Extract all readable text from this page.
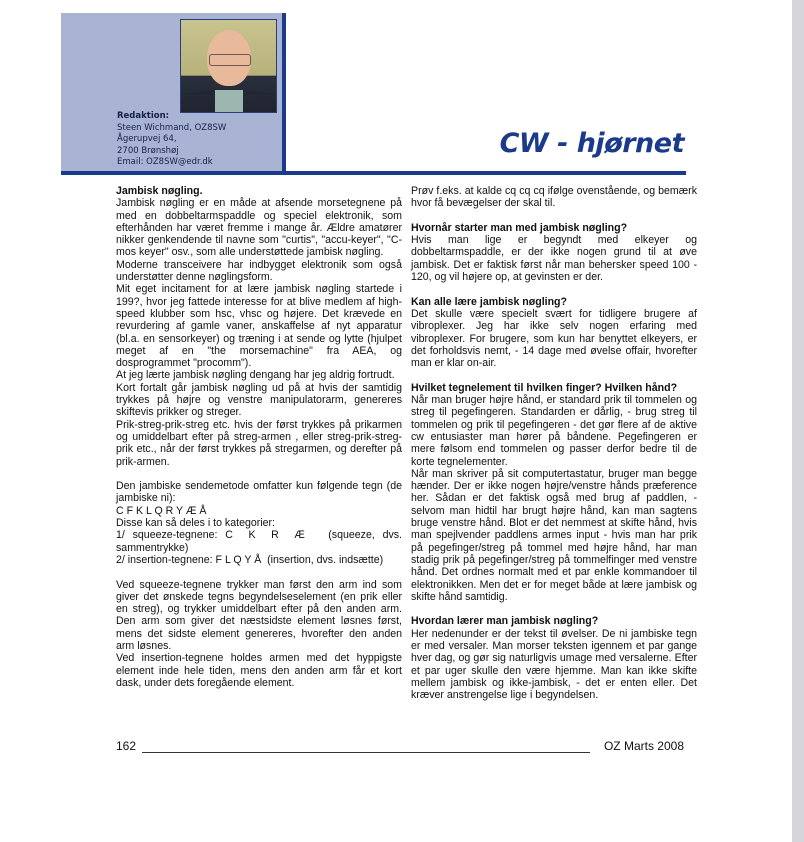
Redaktion:
Steen Wichmand, OZ8SW
Ågerupvej 64,
2700 Brønshøj
Email: OZ8SW@edr.dk
CW - hjørnet

Jambisk nøgling.

Jambisk nøgling er en måde at afsende morsetegnene på med en dobbeltarmspaddle og speciel elektronik, som efterhånden har været fremme i mange år. Ældre amatører nikker genkendende til navne som "curtis", "accu-keyer", "C-mos keyer" osv., som alle understøttede jambisk nøgling.

Moderne transceivere har indbygget elektronik som også understøtter denne nøglingsform.

Mit eget incitament for at lære jambisk nøgling startede i 199?, hvor jeg fattede interesse for at blive medlem af high-speed klubber som hsc, vhsc og højere. Det krævede en revurdering af gamle vaner, anskaffelse af nyt apparatur (bl.a. en sensorkeyer) og træning i at sende og lytte (hjulpet meget af en "the morsemachine" fra AEA, og dosprogrammet "procomm").

At jeg lærte jambisk nøgling dengang har jeg aldrig fortrudt.

Kort fortalt går jambisk nøgling ud på at hvis der samtidig trykkes på højre og venstre manipulatorarm, genereres skiftevis prikker og streger.

Prik-streg-prik-streg etc. hvis der først trykkes på prikarmen og umiddelbart efter på streg-armen , eller streg-prik-streg-prik etc., når der først trykkes på stregarmen, og derefter på prik-armen.

Den jambiske sendemetode omfatter kun følgende tegn (de jambiske ni):

C F K L Q R Y Æ Å

Disse kan så deles i to kategorier:

1/ squeeze-tegnene: C  K  R  Æ   (squeeze, dvs. sammentrykke)

2/ insertion-tegnene: F L Q Y Å  (insertion, dvs. indsætte)

Ved squeeze-tegnene trykker man først den arm ind som giver det ønskede tegns begyndelseselement (en prik eller en streg), og trykker umiddelbart efter på den anden arm. Den arm som giver det næstsidste element løsnes først, mens det sidste element genereres, hvorefter den anden arm løsnes.

Ved insertion-tegnene holdes armen med det hyppigste element inde hele tiden, mens den anden arm får et kort dask, under dets foregående element.

Prøv f.eks. at kalde cq cq cq ifølge ovenstående, og bemærk hvor få bevægelser der skal til.

Hvornår starter man med jambisk nøgling?

Hvis man lige er begyndt med elkeyer og dobbeltarmspaddle, er der ikke nogen grund til at øve jambisk. Det er faktisk først når man behersker speed 100 - 120, og vil højere op, at gevinsten er der.

Kan alle lære jambisk nøgling?

Det skulle være specielt svært for tidligere brugere af vibroplexer. Jeg har ikke selv nogen erfaring med vibroplexer. For brugere, som kun har benyttet elkeyers, er det forholdsvis nemt, - 14 dage med øvelse offair, hvorefter man er klar on-air.

Hvilket tegnelement til hvilken finger? Hvilken hånd?

Når man bruger højre hånd, er standard prik til tommelen og streg til pegefingeren. Standarden er dårlig, - brug streg til tommelen og prik til pegefingeren - det gør flere af de aktive cw entusiaster man hører på båndene. Pegefingeren er mere følsom end tommelen og passer derfor bedre til de korte tegnelementer.

Når man skriver på sit computertastatur, bruger man begge hænder. Der er ikke nogen højre/venstre hånds præference her. Sådan er det faktisk også med brug af paddlen, - selvom man hidtil har brugt højre hånd, kan man sagtens bruge venstre hånd. Blot er det nemmest at skifte hånd, hvis man spejlvender paddlens armes input - hvis man har prik på pegefinger/streg på tommel med højre hånd, har man stadig prik på pegefinger/streg på tommelfinger med venstre hånd. Det ordnes normalt med et par enkle kommandoer til elektronikken. Men det er for meget både at lære jambisk og skifte hånd samtidig.

Hvordan lærer man jambisk nøgling?

Her nedenunder er der tekst til øvelser. De ni jambiske tegn er med versaler. Man morser teksten igennem et par gange hver dag, og gør sig naturligvis umage med versalerne. Efter et par uger skulle den være hjemme. Man kan ikke skifte mellem jambisk og ikke-jambisk, - det er enten eller. Det kræver anstrengelse lige i begyndelsen.

162	OZ Marts 2008
